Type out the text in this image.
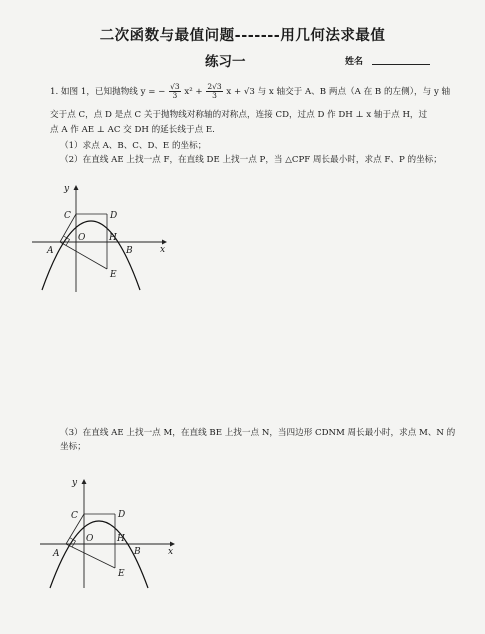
二次函数与最值问题-------用几何法求最值
练习一	姓名
1. 如图 1，已知抛物线 y = − $\frac{√3}{3} x^2 + \frac{2√3}{3}$ x + √3 与 x 轴交于 A、B 两点（A 在 B 的左侧），与 y 轴
交于点 C，点 D 是点 C 关于抛物线对称轴的对称点，连接 CD，过点 D 作 DH ⊥ x 轴于点 H，过
点 A 作 AE ⊥ AC 交 DH 的延长线于点 E.
（1）求点 A、B、C、D、E 的坐标；
（2）在直线 AE 上找一点 F，在直线 DE 上找一点 P，当 △CPF 周长最小时，求点 F、P 的坐标；
y
x
A	B
C	D
O	H
E
（3）在直线 AE 上找一点 M，在直线 BE 上找一点 N，当四边形 CDNM 周长最小时，求点 M、N 的
坐标；
y
x
A	B
C	D
O	H
E
